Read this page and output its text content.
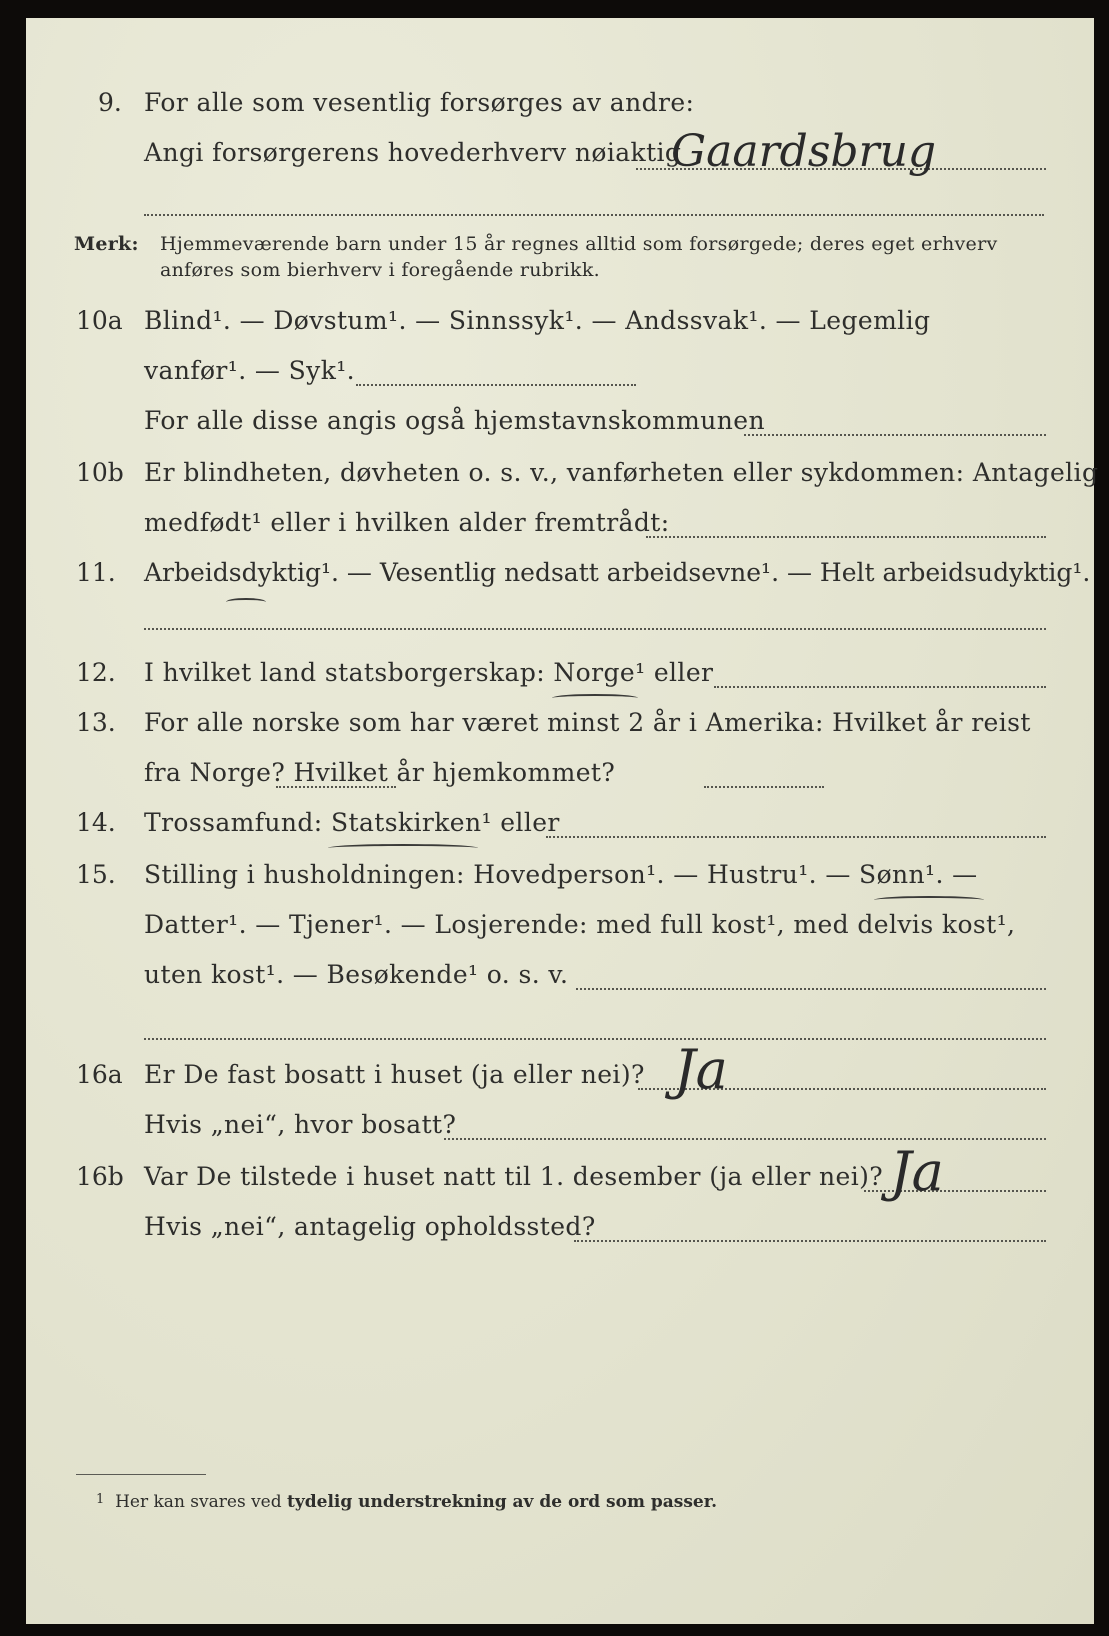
9. For alle som vesentlig forsørges av andre:
Angi forsørgerens hovederhverv nøiaktig
Gaardsbrug
Merk: Hjemmeværende barn under 15 år regnes alltid som forsørgede; deres eget erhverv
anføres som bierhverv i foregående rubrikk.
10a Blind¹. — Døvstum¹. — Sinnssyk¹. — Andssvak¹. — Legemlig
vanfør¹. — Syk¹.
For alle disse angis også hjemstavnskommunen
10b Er blindheten, døvheten o. s. v., vanførheten eller sykdommen: Antagelig
medfødt¹ eller i hvilken alder fremtrådt:
11. Arbeidsdyktig¹. — Vesentlig nedsatt arbeidsevne¹. — Helt arbeidsudyktig¹.
12. I hvilket land statsborgerskap: Norge¹ eller
13. For alle norske som har været minst 2 år i Amerika: Hvilket år reist
fra Norge? Hvilket år hjemkommet?
14. Trossamfund: Statskirken¹ eller
15. Stilling i husholdningen: Hovedperson¹. — Hustru¹. — Sønn¹. —
Datter¹. — Tjener¹. — Losjerende: med full kost¹, med delvis kost¹,
uten kost¹. — Besøkende¹ o. s. v.
16a Er De fast bosatt i huset (ja eller nei)? Ja
Hvis „nei“, hvor bosatt?
16b Var De tilstede i huset natt til 1. desember (ja eller nei)? Ja
Hvis „nei“, antagelig opholdssted?
$^1$ Her kan svares ved tydelig understrekning av de ord som passer.
